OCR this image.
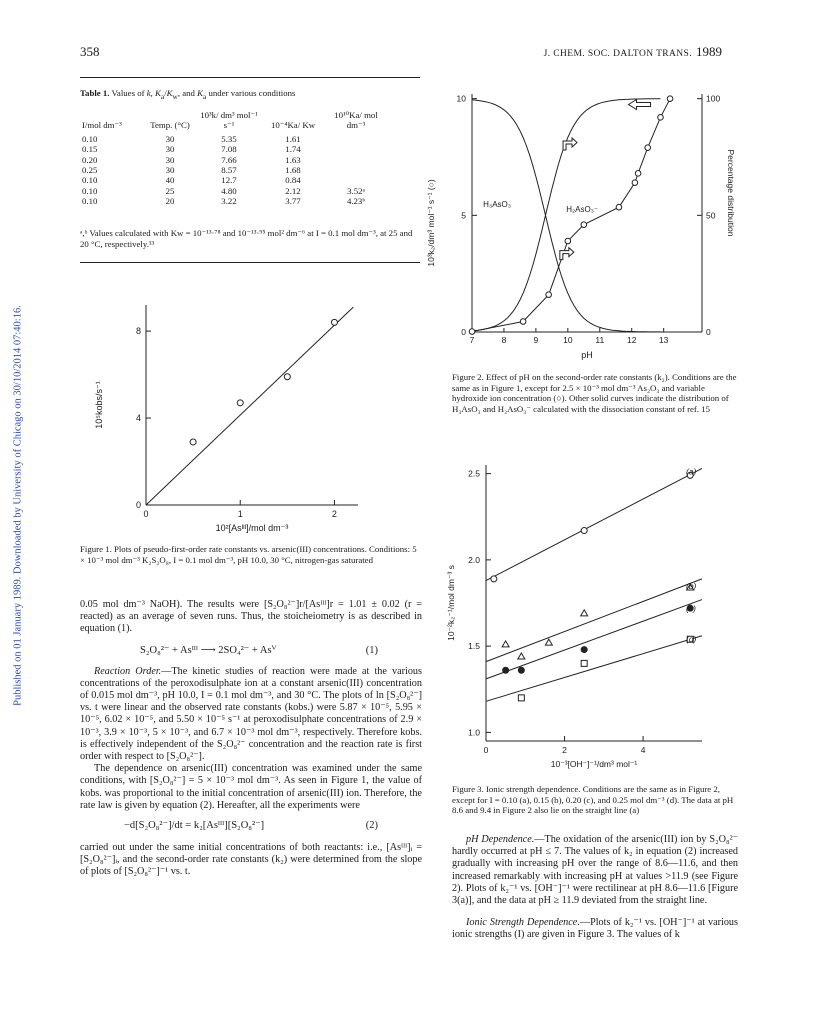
Published on 01 January 1989. Downloaded by University of Chicago on 30/10/2014 07:40:16.
358	J. CHEM. SOC. DALTON TRANS. 1989
Table 1. Values of k, $K_a/K_w$, and $K_a$ under various conditions
I/mol dm⁻³	Temp. (°C)	10³k/ dm³ mol⁻¹ s⁻¹	10⁻⁴Ka/ Kw	10¹⁰Ka/ mol dm⁻³
0.10	30	5.35	1.61	
0.15	30	7.08	1.74	
0.20	30	7.66	1.63	
0.25	30	8.57	1.68	
0.10	40	12.7	0.84	
0.10	25	4.80	2.12	3.52ᵃ
0.10	20	3.22	3.77	4.23ᵇ
ᵃ,ᵇ Values calculated with Kw = 10⁻¹³·⁷⁸ and 10⁻¹³·⁹⁵ mol² dm⁻⁶ at I = 0.1 mol dm⁻³, at 25 and 20 °C, respectively.¹³
0	1	2
0
4
8
10²[Asᴵᴵᴵ]/mol dm⁻³
10⁵kobs/s⁻¹
Figure 1. Plots of pseudo-first-order rate constants vs. arsenic(III) concentrations. Conditions: 5 × 10⁻³ mol dm⁻³ K₂S₂O₈, I = 0.1 mol dm⁻³, pH 10.0, 30 °C, nitrogen-gas saturated

0.05 mol dm⁻³ NaOH). The results were [S₂O₈²⁻]r/[Asᴵᴵᴵ]r = 1.01 ± 0.02 (r = reacted) as an average of seven runs. Thus, the stoicheiometry is as described in equation (1).

S₂O₈²⁻ + Asᴵᴵᴵ ⟶ 2SO₄²⁻ + Asⱽ	(1)

Reaction Order.—The kinetic studies of reaction were made at the various concentrations of the peroxodisulphate ion at a constant arsenic(III) concentration of 0.015 mol dm⁻³, pH 10.0, I = 0.1 mol dm⁻³, and 30 °C. The plots of ln [S₂O₈²⁻] vs. t were linear and the observed rate constants (kobs.) were 5.87 × 10⁻⁵, 5.95 × 10⁻⁵, 6.02 × 10⁻⁵, and 5.50 × 10⁻⁵ s⁻¹ at peroxodisulphate concentrations of 2.9 × 10⁻³, 3.9 × 10⁻³, 5 × 10⁻³, and 6.7 × 10⁻³ mol dm⁻³, respectively. Therefore kobs. is effectively independent of the S₂O₈²⁻ concentration and the reaction rate is first order with respect to [S₂O₈²⁻].

The dependence on arsenic(III) concentration was examined under the same conditions, with [S₂O₈²⁻] = 5 × 10⁻³ mol dm⁻³. As seen in Figure 1, the value of kobs. was proportional to the initial concentration of arsenic(III) ion. Therefore, the rate law is given by equation (2). Hereafter, all the experiments were

−d[S₂O₈²⁻]/dt = k₂[Asᴵᴵᴵ][S₂O₈²⁻]	(2)

carried out under the same initial concentrations of both reactants: i.e., [Asᴵᴵᴵ]ᵢ = [S₂O₈²⁻]ᵢ, and the second-order rate constants (k₂) were determined from the slope of plots of [S₂O₈²⁻]⁻¹ vs. t.

7	8	9	10	11	12	13
0
5
10
0
50
100
H₃AsO₃
H₂AsO₃⁻
pH
10³k₂/dm³ mol⁻¹ s⁻¹ (○)	Percentage distribution
Figure 2. Effect of pH on the second-order rate constants (k₂). Conditions are the same as in Figure 1, except for 2.5 × 10⁻³ mol dm⁻³ As₂O₃ and variable hydroxide ion concentration (○). Other solid curves indicate the distribution of H₃AsO₃ and H₂AsO₃⁻ calculated with the dissociation constant of ref. 15
0	2	4
1.0
1.5
2.0
2.5	(a)
(b)
(c)
(d)
10⁻³[OH⁻]⁻¹/dm³ mol⁻¹
10⁻²k₂⁻¹/mol dm⁻³ s
Figure 3. Ionic strength dependence. Conditions are the same as in Figure 2, except for I = 0.10 (a), 0.15 (b), 0.20 (c), and 0.25 mol dm⁻³ (d). The data at pH 8.6 and 9.4 in Figure 2 also lie on the straight line (a)

pH Dependence.—The oxidation of the arsenic(III) ion by S₂O₈²⁻ hardly occurred at pH ≤ 7. The values of k₂ in equation (2) increased gradually with increasing pH over the range of 8.6—11.6, and then increased remarkably with increasing pH at values >11.9 (see Figure 2). Plots of k₂⁻¹ vs. [OH⁻]⁻¹ were rectilinear at pH 8.6—11.6 [Figure 3(a)], and the data at pH ≥ 11.9 deviated from the straight line.

Ionic Strength Dependence.—Plots of k₂⁻¹ vs. [OH⁻]⁻¹ at various ionic strengths (I) are given in Figure 3. The values of k
